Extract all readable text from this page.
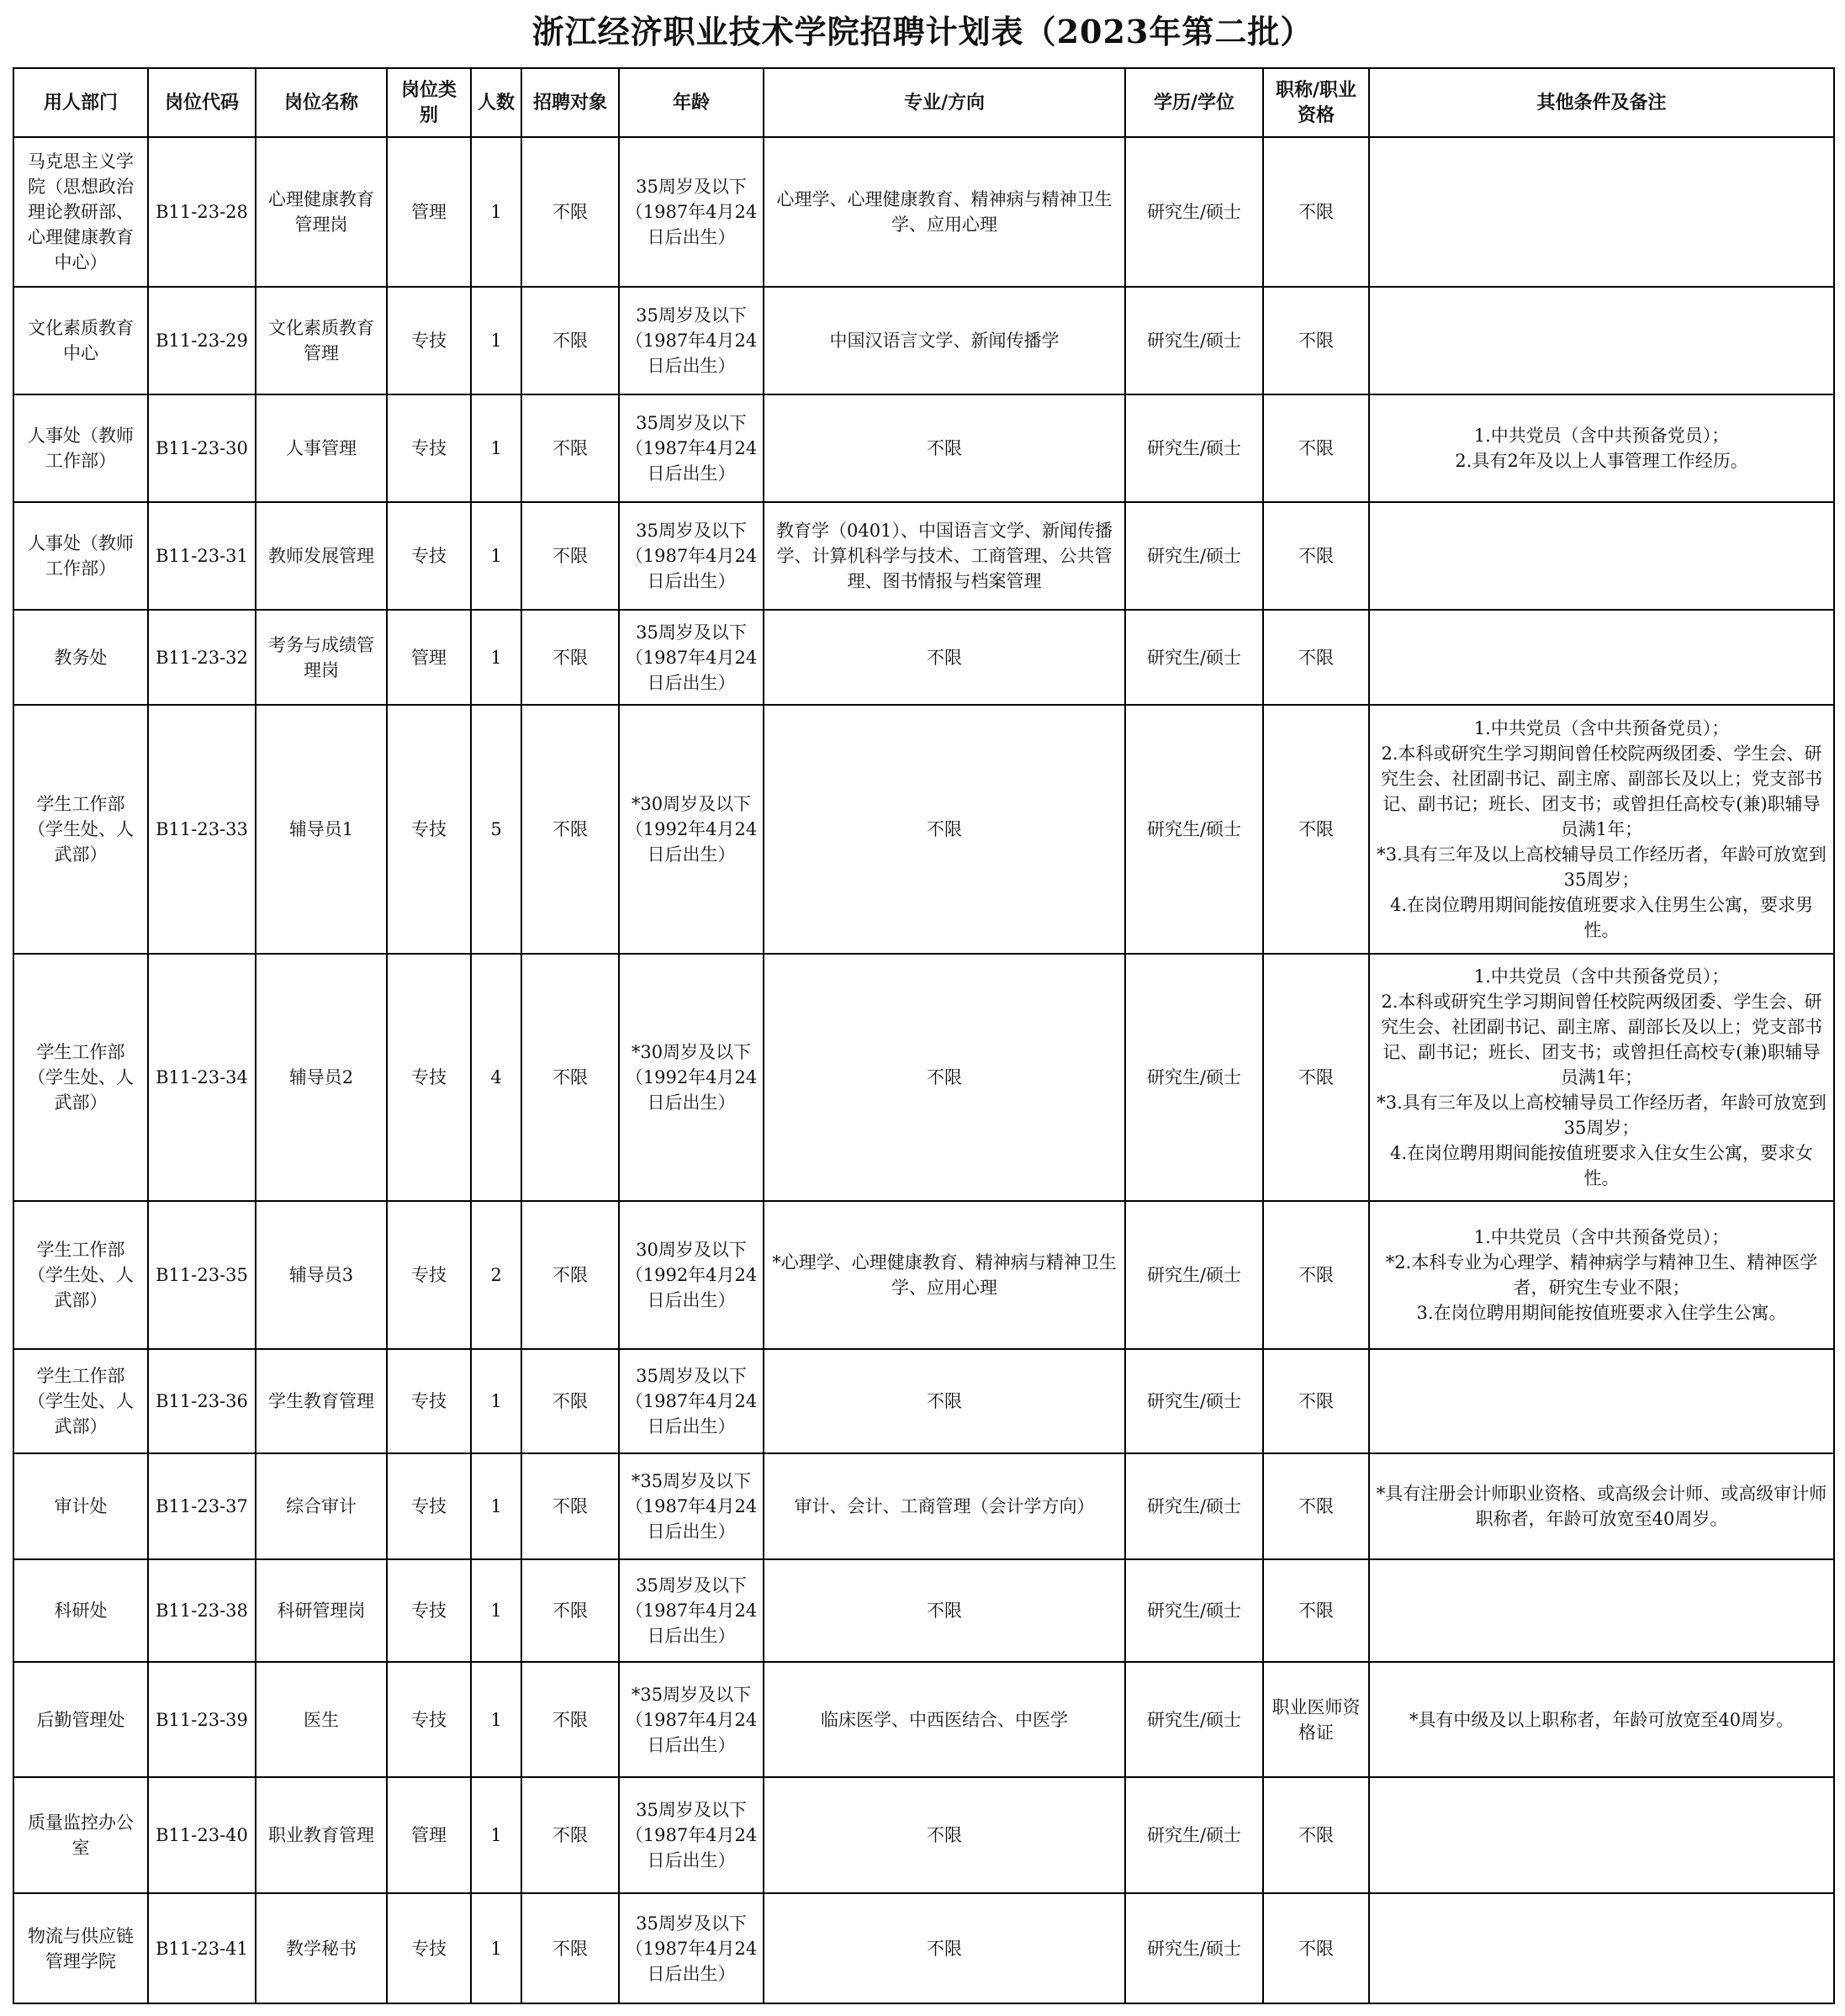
浙江经济职业技术学院招聘计划表（2023年第二批）
用人部门	岗位代码	岗位名称	岗位类别	人数	招聘对象	年龄	专业/方向	学历/学位	职称/职业资格	其他条件及备注
马克思主义学院（思想政治理论教研部、心理健康教育中心）	B11-23-28	心理健康教育管理岗	管理	1	不限	35周岁及以下（1987年4月24日后出生）	心理学、心理健康教育、精神病与精神卫生学、应用心理	研究生/硕士	不限	
文化素质教育中心	B11-23-29	文化素质教育管理	专技	1	不限	35周岁及以下（1987年4月24日后出生）	中国汉语言文学、新闻传播学	研究生/硕士	不限	
人事处（教师工作部）	B11-23-30	人事管理	专技	1	不限	35周岁及以下（1987年4月24日后出生）	不限	研究生/硕士	不限	1.中共党员（含中共预备党员）；
2.具有2年及以上人事管理工作经历。
人事处（教师工作部）	B11-23-31	教师发展管理	专技	1	不限	35周岁及以下（1987年4月24日后出生）	教育学（0401）、中国语言文学、新闻传播学、计算机科学与技术、工商管理、公共管理、图书情报与档案管理	研究生/硕士	不限	
教务处	B11-23-32	考务与成绩管理岗	管理	1	不限	35周岁及以下（1987年4月24日后出生）	不限	研究生/硕士	不限	
学生工作部（学生处、人武部）	B11-23-33	辅导员1	专技	5	不限	*30周岁及以下（1992年4月24日后出生）	不限	研究生/硕士	不限	1.中共党员（含中共预备党员）；
2.本科或研究生学习期间曾任校院两级团委、学生会、研究生会、社团副书记、副主席、副部长及以上；党支部书记、副书记；班长、团支书；或曾担任高校专(兼)职辅导员满1年；
*3.具有三年及以上高校辅导员工作经历者，年龄可放宽到35周岁；
4.在岗位聘用期间能按值班要求入住男生公寓，要求男性。
学生工作部（学生处、人武部）	B11-23-34	辅导员2	专技	4	不限	*30周岁及以下（1992年4月24日后出生）	不限	研究生/硕士	不限	1.中共党员（含中共预备党员）；
2.本科或研究生学习期间曾任校院两级团委、学生会、研究生会、社团副书记、副主席、副部长及以上；党支部书记、副书记；班长、团支书；或曾担任高校专(兼)职辅导员满1年；
*3.具有三年及以上高校辅导员工作经历者，年龄可放宽到35周岁；
4.在岗位聘用期间能按值班要求入住女生公寓，要求女性。
学生工作部（学生处、人武部）	B11-23-35	辅导员3	专技	2	不限	30周岁及以下（1992年4月24日后出生）	*心理学、心理健康教育、精神病与精神卫生学、应用心理	研究生/硕士	不限	1.中共党员（含中共预备党员）；
*2.本科专业为心理学、精神病学与精神卫生、精神医学者，研究生专业不限；
3.在岗位聘用期间能按值班要求入住学生公寓。
学生工作部（学生处、人武部）	B11-23-36	学生教育管理	专技	1	不限	35周岁及以下（1987年4月24日后出生）	不限	研究生/硕士	不限	
审计处	B11-23-37	综合审计	专技	1	不限	*35周岁及以下（1987年4月24日后出生）	审计、会计、工商管理（会计学方向）	研究生/硕士	不限	*具有注册会计师职业资格、或高级会计师、或高级审计师职称者，年龄可放宽至40周岁。
科研处	B11-23-38	科研管理岗	专技	1	不限	35周岁及以下（1987年4月24日后出生）	不限	研究生/硕士	不限	
后勤管理处	B11-23-39	医生	专技	1	不限	*35周岁及以下（1987年4月24日后出生）	临床医学、中西医结合、中医学	研究生/硕士	职业医师资格证	*具有中级及以上职称者，年龄可放宽至40周岁。
质量监控办公室	B11-23-40	职业教育管理	管理	1	不限	35周岁及以下（1987年4月24日后出生）	不限	研究生/硕士	不限	
物流与供应链管理学院	B11-23-41	教学秘书	专技	1	不限	35周岁及以下（1987年4月24日后出生）	不限	研究生/硕士	不限	
